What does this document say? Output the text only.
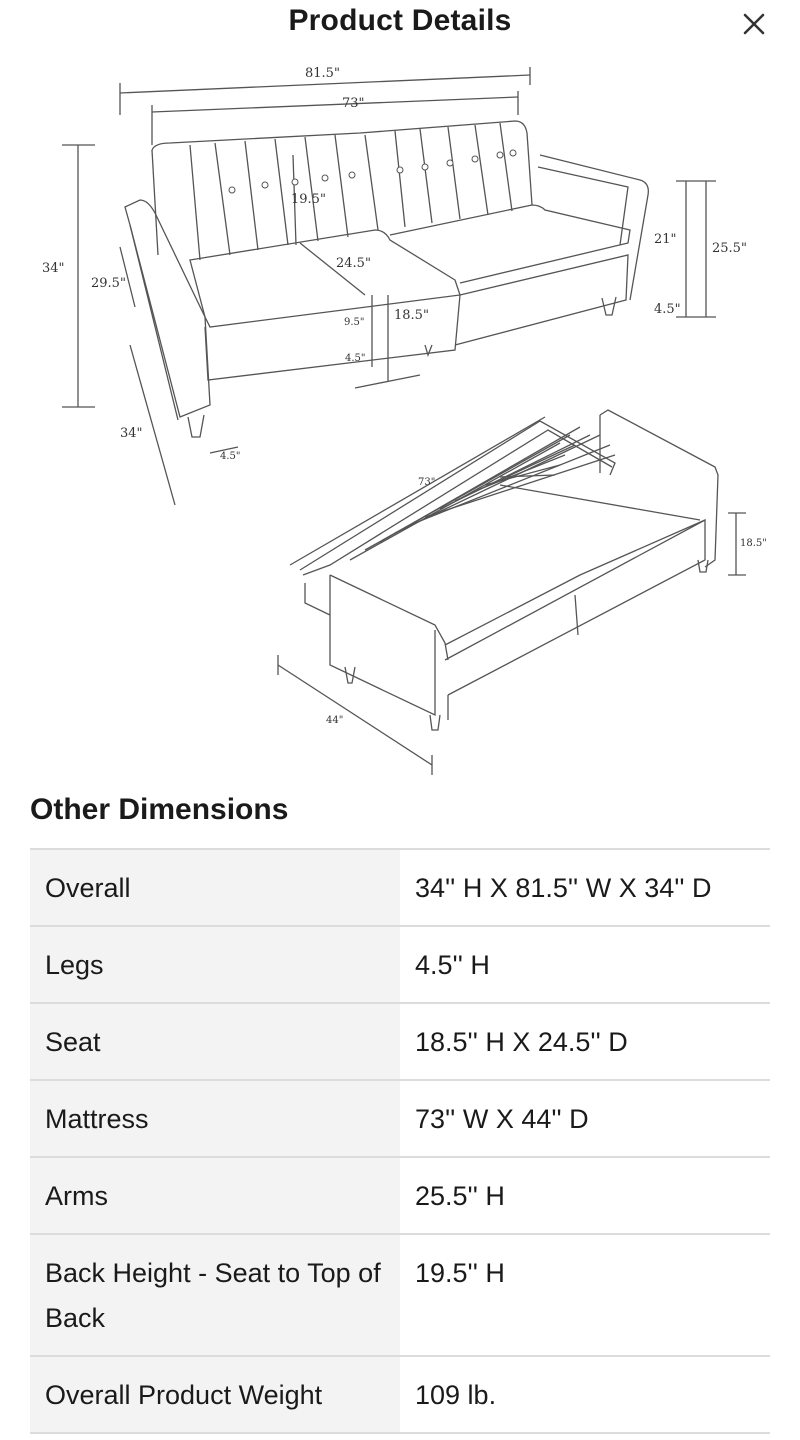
Product Details
81.5"
73"
19.5"
24.5"
34"
29.5"
21"
25.5"
4.5"
18.5"
34"
9.5"
4.5"
4.5"
73"
18.5"
44"
Other Dimensions
Overall	34'' H X 81.5'' W X 34'' D
Legs	4.5'' H
Seat	18.5'' H X 24.5'' D
Mattress	73'' W X 44'' D
Arms	25.5'' H
Back Height - Seat to Top of Back	19.5'' H
Overall Product Weight	109 lb.
